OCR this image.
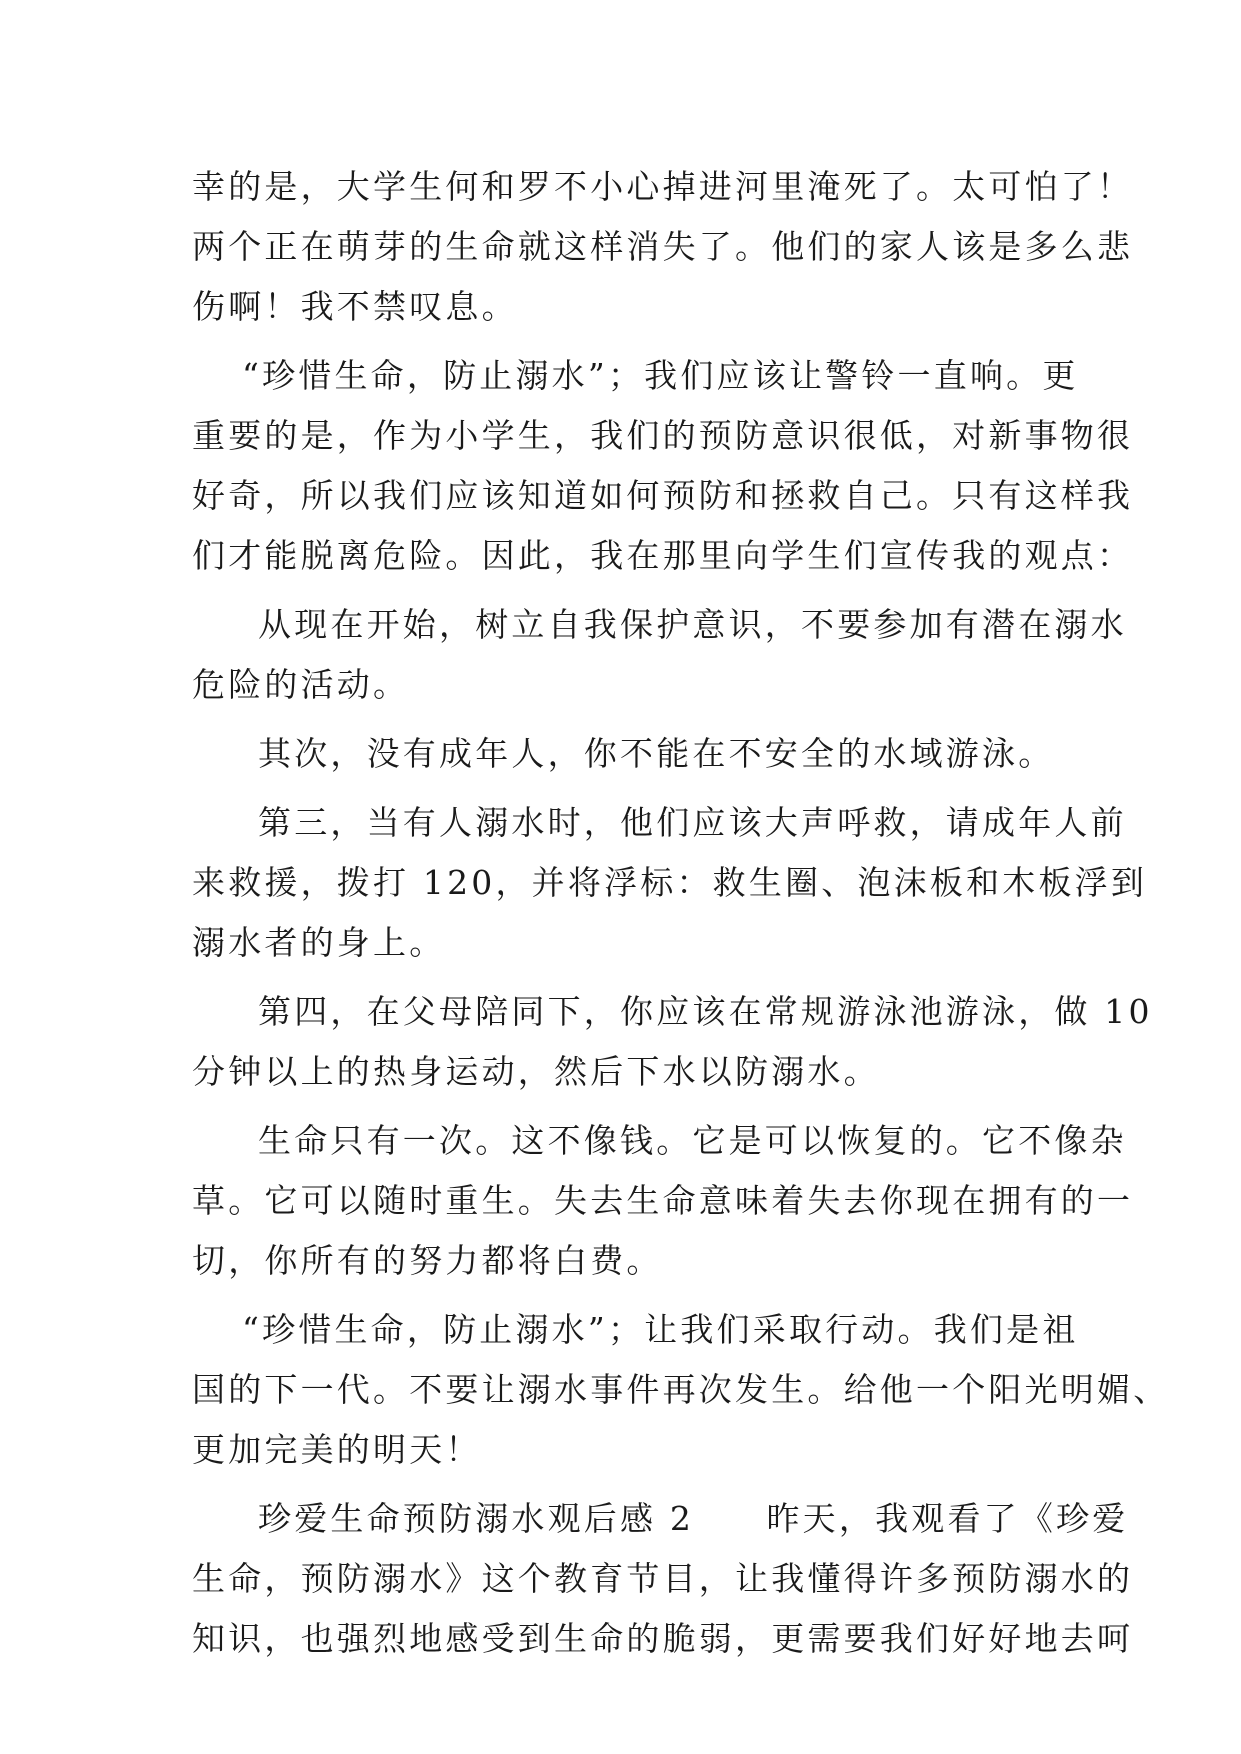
幸的是，大学生何和罗不小心掉进河里淹死了。太可怕了！
两个正在萌芽的生命就这样消失了。他们的家人该是多么悲
伤啊！我不禁叹息。
“珍惜生命，防止溺水”；我们应该让警铃一直响。更
重要的是，作为小学生，我们的预防意识很低，对新事物很
好奇，所以我们应该知道如何预防和拯救自己。只有这样我
们才能脱离危险。因此，我在那里向学生们宣传我的观点：
从现在开始，树立自我保护意识，不要参加有潜在溺水
危险的活动。
其次，没有成年人，你不能在不安全的水域游泳。
第三，当有人溺水时，他们应该大声呼救，请成年人前
来救援，拨打 120，并将浮标：救生圈、泡沫板和木板浮到
溺水者的身上。
第四，在父母陪同下，你应该在常规游泳池游泳，做 10
分钟以上的热身运动，然后下水以防溺水。
生命只有一次。这不像钱。它是可以恢复的。它不像杂
草。它可以随时重生。失去生命意味着失去你现在拥有的一
切，你所有的努力都将白费。
“珍惜生命，防止溺水”；让我们采取行动。我们是祖
国的下一代。不要让溺水事件再次发生。给他一个阳光明媚、
更加完美的明天！
珍爱生命预防溺水观后感 2　　昨天，我观看了《珍爱
生命，预防溺水》这个教育节目，让我懂得许多预防溺水的
知识，也强烈地感受到生命的脆弱，更需要我们好好地去呵
